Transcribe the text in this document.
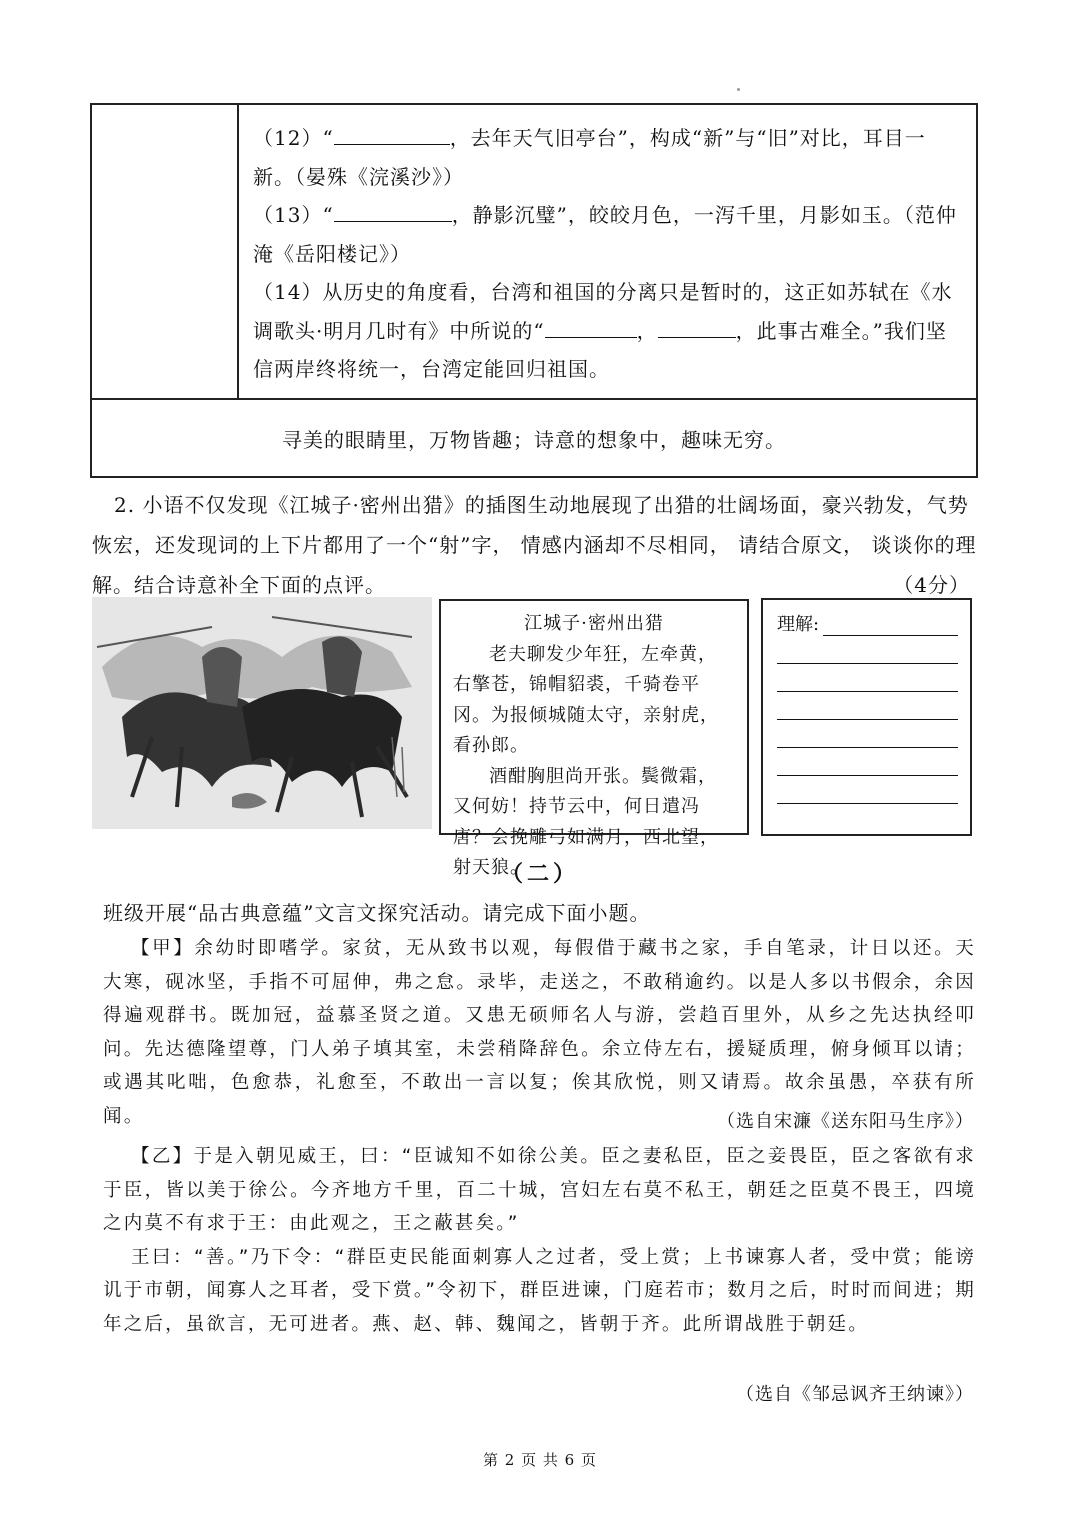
（12）“	，去年天气旧亭台”，构成“新”与“旧”对比，耳目一新。（晏殊《浣溪沙》）
（13）“	，静影沉璧”，皎皎月色，一泻千里，月影如玉。（范仲淹《岳阳楼记》）
（14）从历史的角度看，台湾和祖国的分离只是暂时的，这正如苏轼在《水调歌头·明月几时有》中所说的“	，	，此事古难全。”我们坚信两岸终将统一，台湾定能回归祖国。
寻美的眼睛里，万物皆趣；诗意的想象中，趣味无穷。

2. 小语不仅发现《江城子·密州出猎》的插图生动地展现了出猎的壮阔场面，豪兴勃发，气势恢宏，还发现词的上下片都用了一个“射”字， 情感内涵却不尽相同， 请结合原文， 谈谈你的理解。结合诗意补全下面的点评。	（4分）
江城子·密州出猎

老夫聊发少年狂，左牵黄，右擎苍，锦帽貂裘，千骑卷平冈。为报倾城随太守，亲射虎，看孙郎。

酒酣胸胆尚开张。鬓微霜，又何妨！持节云中，何日遣冯唐？会挽雕弓如满月，西北望，射天狼。

理解:
（二）
班级开展“品古典意蕴”文言文探究活动。请完成下面小题。

【甲】余幼时即嗜学。家贫，无从致书以观，每假借于藏书之家，手自笔录，计日以还。天大寒，砚冰坚，手指不可屈伸，弗之怠。录毕，走送之，不敢稍逾约。以是人多以书假余，余因得遍观群书。既加冠，益慕圣贤之道。又患无硕师名人与游，尝趋百里外，从乡之先达执经叩问。先达德隆望尊，门人弟子填其室，未尝稍降辞色。余立侍左右，援疑质理，俯身倾耳以请；或遇其叱咄，色愈恭，礼愈至，不敢出一言以复；俟其欣悦，则又请焉。故余虽愚，卒获有所闻。	（选自宋濂《送东阳马生序》）

【乙】于是入朝见威王，曰：“臣诚知不如徐公美。臣之妻私臣，臣之妾畏臣，臣之客欲有求于臣，皆以美于徐公。今齐地方千里，百二十城，宫妇左右莫不私王，朝廷之臣莫不畏王，四境之内莫不有求于王：由此观之，王之蔽甚矣。”

王曰：“善。”乃下令：“群臣吏民能面刺寡人之过者，受上赏；上书谏寡人者，受中赏；能谤讥于市朝，闻寡人之耳者，受下赏。”令初下，群臣进谏，门庭若市；数月之后，时时而间进；期年之后，虽欲言，无可进者。燕、赵、韩、魏闻之，皆朝于齐。此所谓战胜于朝廷。

（选自《邹忌讽齐王纳谏》）
第 2 页 共 6 页
